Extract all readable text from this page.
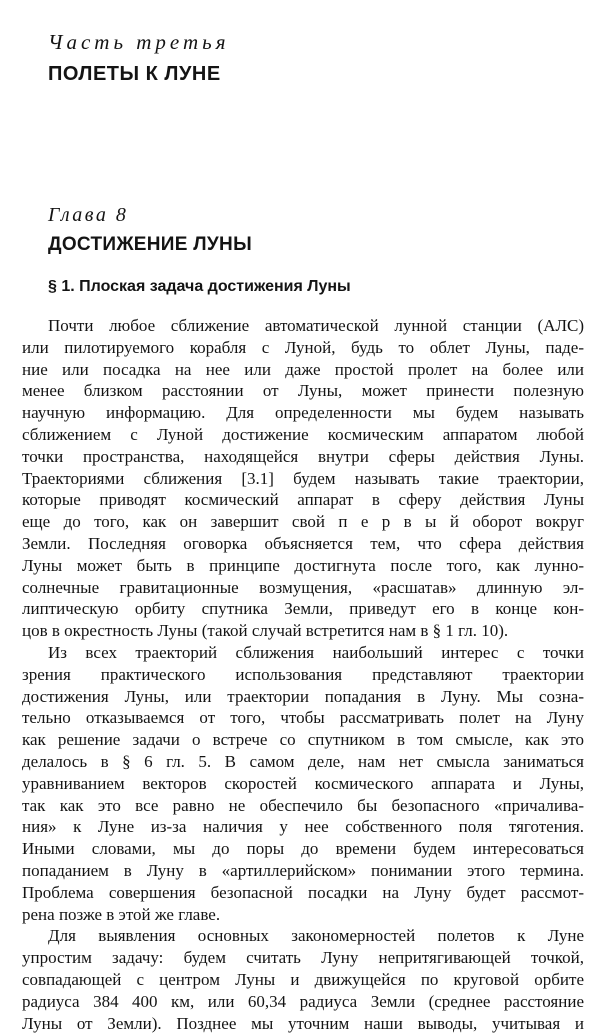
Часть третья
ПОЛЕТЫ К ЛУНЕ
Глава 8
ДОСТИЖЕНИЕ ЛУНЫ
§ 1. Плоская задача достижения Луны
Почти любое сближение автоматической лунной станции (АЛС)
или пилотируемого корабля с Луной, будь то облет Луны, паде-
ние или посадка на нее или даже простой пролет на более или
менее близком расстоянии от Луны, может принести полезную
научную информацию. Для определенности мы будем называть
сближением с Луной достижение космическим аппаратом любой
точки пространства, находящейся внутри сферы действия Луны.
Траекториями сближения [3.1] будем называть такие траектории,
которые приводят космический аппарат в сферу действия Луны
еще до того, как он завершит свой п е р в ы й оборот вокруг
Земли. Последняя оговорка объясняется тем, что сфера действия
Луны может быть в принципе достигнута после того, как лунно-
солнечные гравитационные возмущения, «расшатав» длинную эл-
липтическую орбиту спутника Земли, приведут его в конце кон-
цов в окрестность Луны (такой случай встретится нам в § 1 гл. 10).
Из всех траекторий сближения наибольший интерес с точки
зрения практического использования представляют траектории
достижения Луны, или траектории попадания в Луну. Мы созна-
тельно отказываемся от того, чтобы рассматривать полет на Луну
как решение задачи о встрече со спутником в том смысле, как это
делалось в § 6 гл. 5. В самом деле, нам нет смысла заниматься
уравниванием векторов скоростей космического аппарата и Луны,
так как это все равно не обеспечило бы безопасного «причалива-
ния» к Луне из-за наличия у нее собственного поля тяготения.
Иными словами, мы до поры до времени будем интересоваться
попаданием в Луну в «артиллерийском» понимании этого термина.
Проблема совершения безопасной посадки на Луну будет рассмот-
рена позже в этой же главе.
Для выявления основных закономерностей полетов к Луне
упростим задачу: будем считать Луну непритягивающей точкой,
совпадающей с центром Луны и движущейся по круговой орбите
радиуса 384 400 км, или 60,34 радиуса Земли (среднее расстояние
Луны от Земли). Позднее мы уточним наши выводы, учитывая и
